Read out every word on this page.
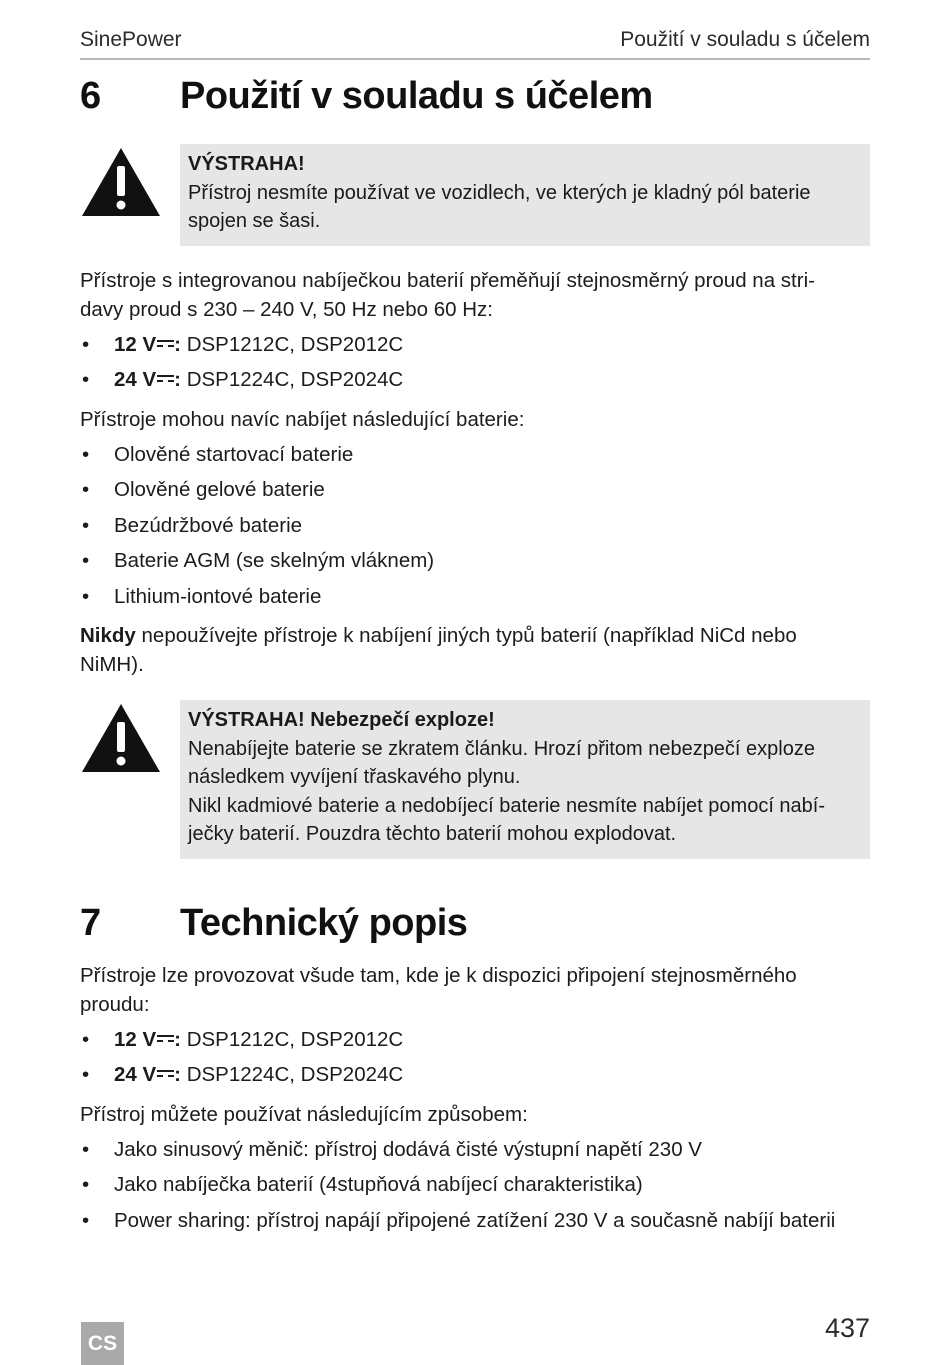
SinePower	Použití v souladu s účelem
6	Použití v souladu s účelem
VÝSTRAHA!
Přístroj nesmíte používat ve vozidlech, ve kterých je kladný pól baterie
spojen se šasi.

Přístroje s integrovanou nabíječkou baterií přeměňují stejnosměrný proud na stri-
davy proud s 230 – 240 V, 50 Hz nebo 60 Hz:

• 12 V : DSP1212C, DSP2012C
• 24 V : DSP1224C, DSP2024C

Přístroje mohou navíc nabíjet následující baterie:

• Olověné startovací baterie
• Olověné gelové baterie
• Bezúdržbové baterie
• Baterie AGM (se skelným vláknem)
• Lithium-iontové baterie

Nikdy nepoužívejte přístroje k nabíjení jiných typů baterií (například NiCd nebo
NiMH).

VÝSTRAHA! Nebezpečí exploze!
Nenabíjejte baterie se zkratem článku. Hrozí přitom nebezpečí exploze
následkem vyvíjení třaskavého plynu.
Nikl kadmiové baterie a nedobíjecí baterie nesmíte nabíjet pomocí nabí-
ječky baterií. Pouzdra těchto baterií mohou explodovat.
7	Technický popis

Přístroje lze provozovat všude tam, kde je k dispozici připojení stejnosměrného
proudu:

• 12 V : DSP1212C, DSP2012C
• 24 V : DSP1224C, DSP2024C

Přístroj můžete používat následujícím způsobem:

• Jako sinusový měnič: přístroj dodává čisté výstupní napětí 230 V
• Jako nabíječka baterií (4stupňová nabíjecí charakteristika)
• Power sharing: přístroj napájí připojené zatížení 230 V a současně nabíjí baterii
CS	437
